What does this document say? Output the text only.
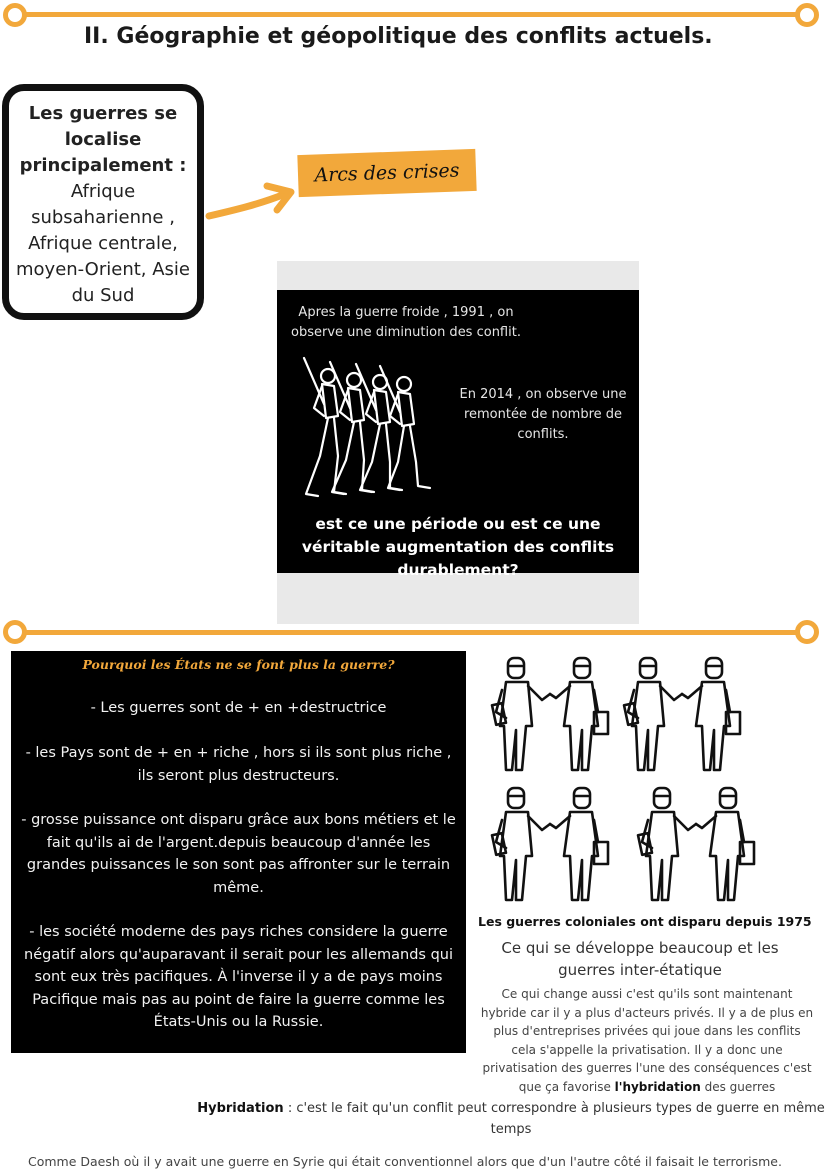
II. Géographie et géopolitique des conflits actuels.
Les guerres se localise principalement :
Afrique subsaharienne , Afrique centrale, moyen-Orient, Asie du Sud
Arcs des crises
Apres la guerre froide , 1991 , on observe une diminution des conflit.
En 2014 , on observe une remontée de nombre de conflits.
est ce une période ou est ce une véritable augmentation des conflits durablement?
Pourquoi les États ne se font plus la guerre?
- Les guerres sont de + en +destructrice
- les Pays sont de + en + riche , hors si ils sont plus riche , ils seront plus destructeurs.
- grosse puissance ont disparu grâce aux bons métiers et le fait qu'ils ai de l'argent.depuis beaucoup d'année les grandes puissances le son sont pas affronter sur le terrain même.
- les société moderne des pays riches considere la guerre négatif alors qu'auparavant il serait pour les allemands qui sont eux très pacifiques. À l'inverse il y a de pays moins Pacifique mais pas au point de faire la guerre comme les États-Unis ou la Russie.
Les guerres coloniales ont disparu depuis 1975
Ce qui se développe beaucoup et les guerres inter-étatique
Ce qui change aussi c'est qu'ils sont maintenant hybride car il y a plus d'acteurs privés. Il y a de plus en plus d'entreprises privées qui joue dans les conflits cela s'appelle la privatisation. Il y a donc une privatisation des guerres l'une des conséquences c'est que ça favorise l'hybridation des guerres
Hybridation : c'est le fait qu'un conflit peut correspondre à plusieurs types de guerre en même temps
Comme Daesh où il y avait une guerre en Syrie qui était conventionnel alors que d'un l'autre côté il faisait le terrorisme.
